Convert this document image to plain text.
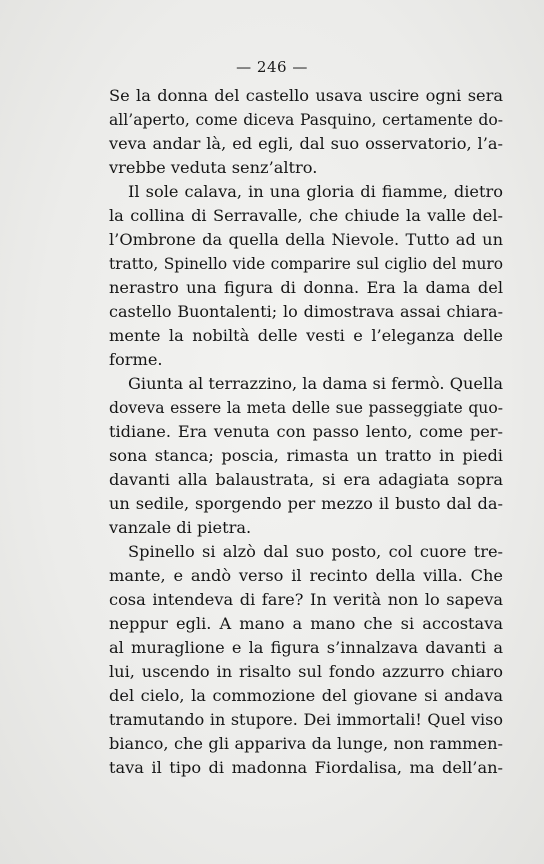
— 246 —
Se la donna del castello usava uscire ogni sera
all’aperto, come diceva Pasquino, certamente do-
veva andar là, ed egli, dal suo osservatorio, l’a-
vrebbe veduta senz’altro.
Il sole calava, in una gloria di fiamme, dietro
la collina di Serravalle, che chiude la valle del-
l’Ombrone da quella della Nievole. Tutto ad un
tratto, Spinello vide comparire sul ciglio del muro
nerastro una figura di donna. Era la dama del
castello Buontalenti; lo dimostrava assai chiara-
mente la nobiltà delle vesti e l’eleganza delle
forme.
Giunta al terrazzino, la dama si fermò. Quella
doveva essere la meta delle sue passeggiate quo-
tidiane. Era venuta con passo lento, come per-
sona stanca; poscia, rimasta un tratto in piedi
davanti alla balaustrata, si era adagiata sopra
un sedile, sporgendo per mezzo il busto dal da-
vanzale di pietra.
Spinello si alzò dal suo posto, col cuore tre-
mante, e andò verso il recinto della villa. Che
cosa intendeva di fare? In verità non lo sapeva
neppur egli. A mano a mano che si accostava
al muraglione e la figura s’innalzava davanti a
lui, uscendo in risalto sul fondo azzurro chiaro
del cielo, la commozione del giovane si andava
tramutando in stupore. Dei immortali! Quel viso
bianco, che gli appariva da lunge, non rammen-
tava il tipo di madonna Fiordalisa, ma dell’an-
